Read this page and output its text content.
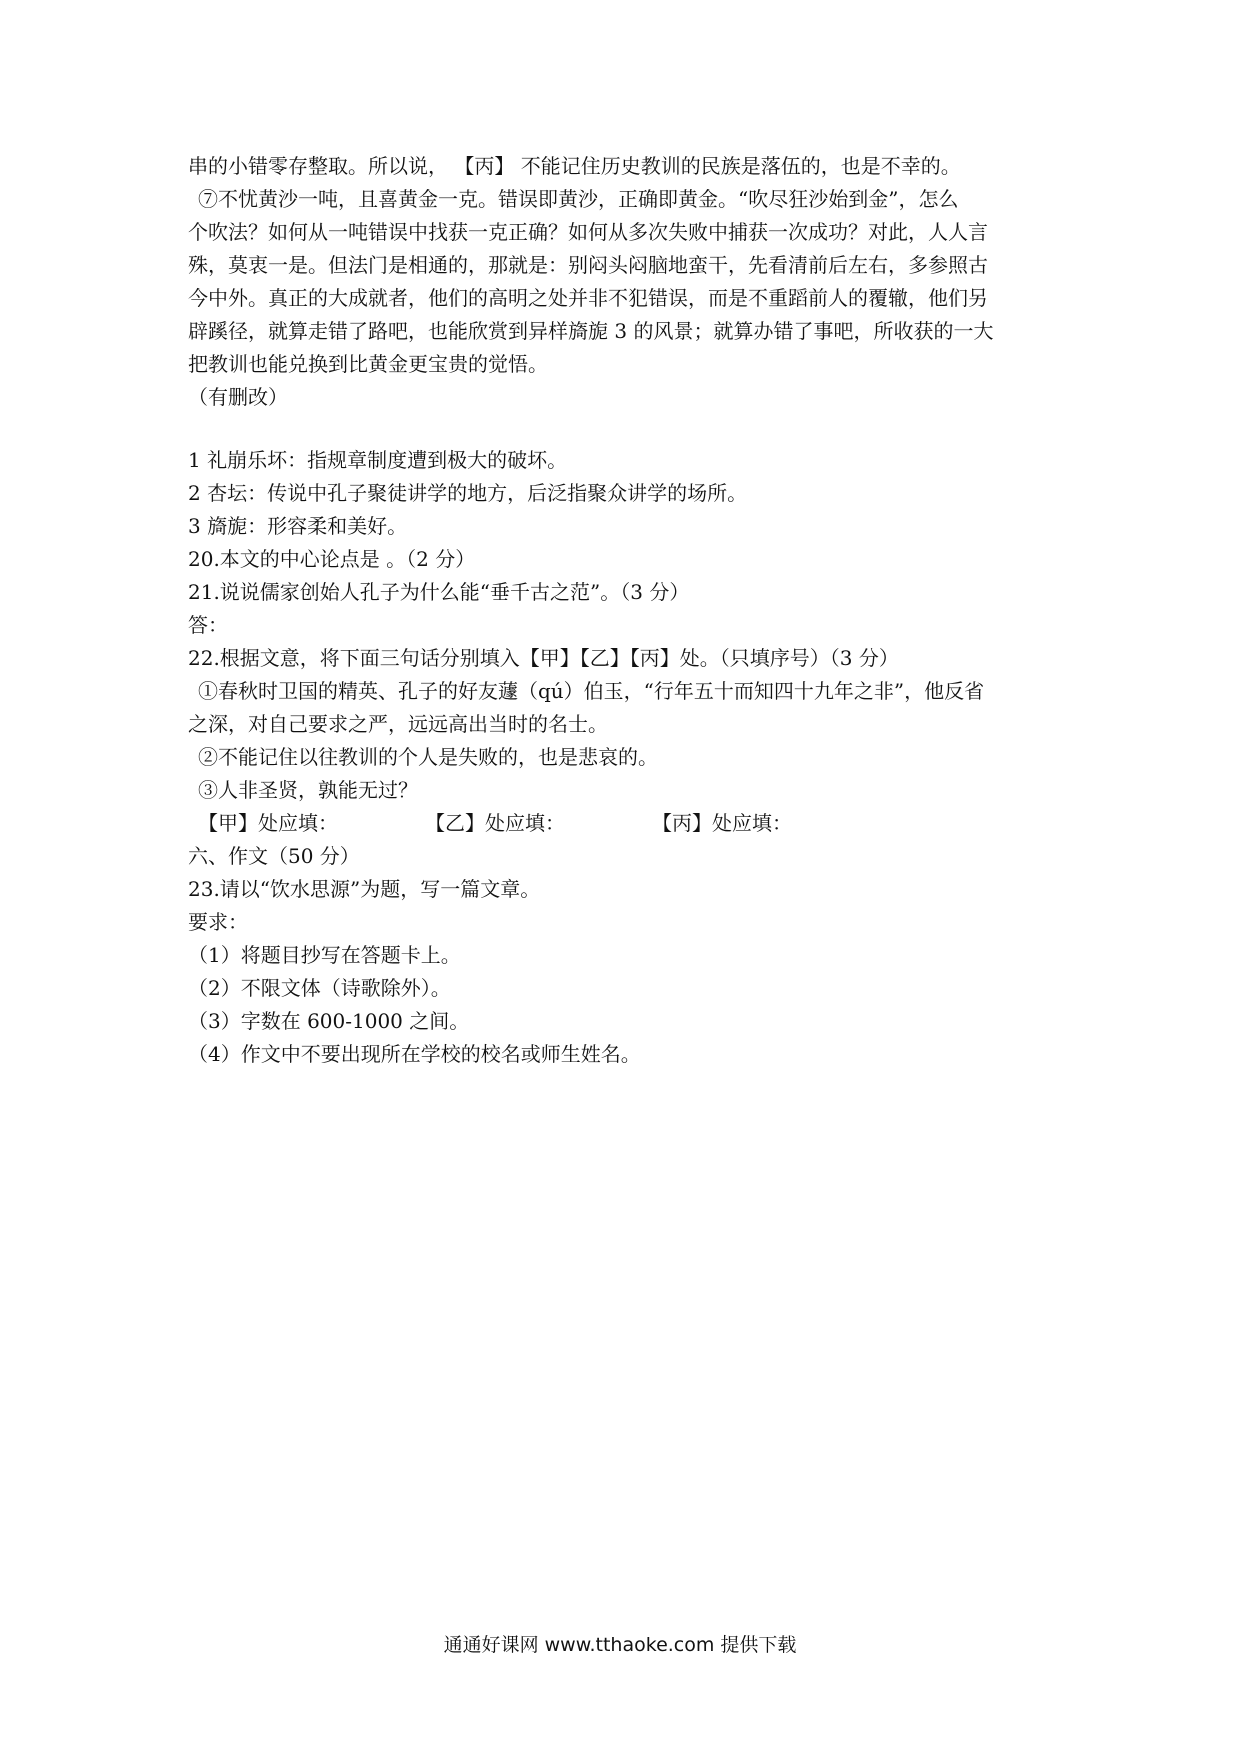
串的小错零存整取。所以说， 【丙】 不能记住历史教训的民族是落伍的，也是不幸的。
⑦不忧黄沙一吨，且喜黄金一克。错误即黄沙，正确即黄金。“吹尽狂沙始到金”，怎么
个吹法？如何从一吨错误中找获一克正确？如何从多次失败中捕获一次成功？对此，人人言
殊，莫衷一是。但法门是相通的，那就是：别闷头闷脑地蛮干，先看清前后左右，多参照古
今中外。真正的大成就者，他们的高明之处并非不犯错误，而是不重蹈前人的覆辙，他们另
辟蹊径，就算走错了路吧，也能欣赏到异样旖旎 3 的风景；就算办错了事吧，所收获的一大
把教训也能兑换到比黄金更宝贵的觉悟。
（有删改）
1 礼崩乐坏：指规章制度遭到极大的破坏。
2 杏坛：传说中孔子聚徒讲学的地方，后泛指聚众讲学的场所。
3 旖旎：形容柔和美好。
20.本文的中心论点是 。（2 分）
21.说说儒家创始人孔子为什么能“垂千古之范”。（3 分）
答：
22.根据文意，将下面三句话分别填入【甲】【乙】【丙】处。（只填序号）（3 分）
①春秋时卫国的精英、孔子的好友蘧（qú）伯玉，“行年五十而知四十九年之非”，他反省
之深，对自己要求之严，远远高出当时的名士。
②不能记住以往教训的个人是失败的，也是悲哀的。
③人非圣贤，孰能无过？
【甲】处应填：	【乙】处应填：	【丙】处应填：
六、作文（50 分）
23.请以“饮水思源”为题，写一篇文章。
要求：
（1）将题目抄写在答题卡上。
（2）不限文体（诗歌除外）。
（3）字数在 600-1000 之间。
（4）作文中不要出现所在学校的校名或师生姓名。
通通好课网 www.tthaoke.com 提供下载
